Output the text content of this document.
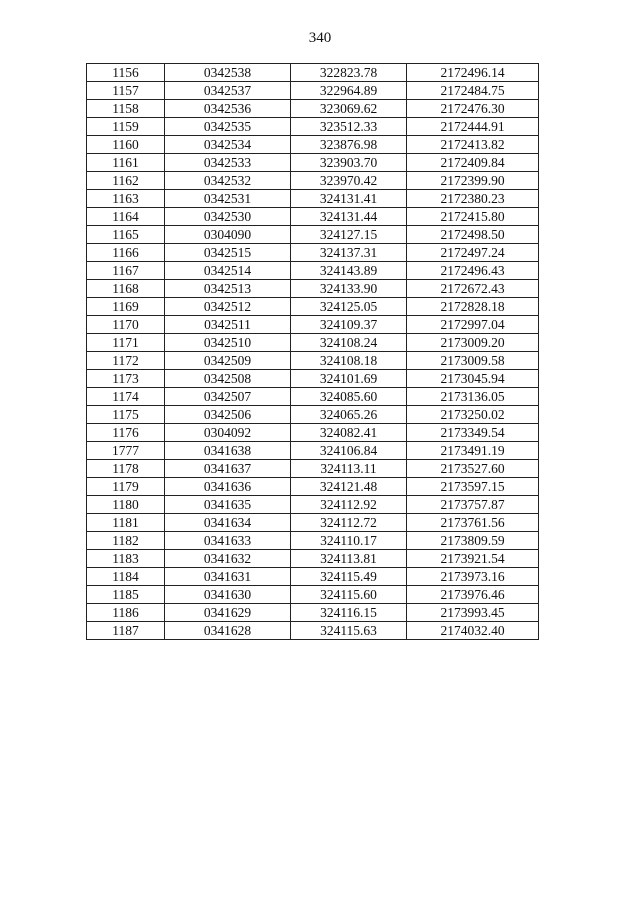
340
1156	0342538	322823.78	2172496.14
1157	0342537	322964.89	2172484.75
1158	0342536	323069.62	2172476.30
1159	0342535	323512.33	2172444.91
1160	0342534	323876.98	2172413.82
1161	0342533	323903.70	2172409.84
1162	0342532	323970.42	2172399.90
1163	0342531	324131.41	2172380.23
1164	0342530	324131.44	2172415.80
1165	0304090	324127.15	2172498.50
1166	0342515	324137.31	2172497.24
1167	0342514	324143.89	2172496.43
1168	0342513	324133.90	2172672.43
1169	0342512	324125.05	2172828.18
1170	0342511	324109.37	2172997.04
1171	0342510	324108.24	2173009.20
1172	0342509	324108.18	2173009.58
1173	0342508	324101.69	2173045.94
1174	0342507	324085.60	2173136.05
1175	0342506	324065.26	2173250.02
1176	0304092	324082.41	2173349.54
1777	0341638	324106.84	2173491.19
1178	0341637	324113.11	2173527.60
1179	0341636	324121.48	2173597.15
1180	0341635	324112.92	2173757.87
1181	0341634	324112.72	2173761.56
1182	0341633	324110.17	2173809.59
1183	0341632	324113.81	2173921.54
1184	0341631	324115.49	2173973.16
1185	0341630	324115.60	2173976.46
1186	0341629	324116.15	2173993.45
1187	0341628	324115.63	2174032.40
